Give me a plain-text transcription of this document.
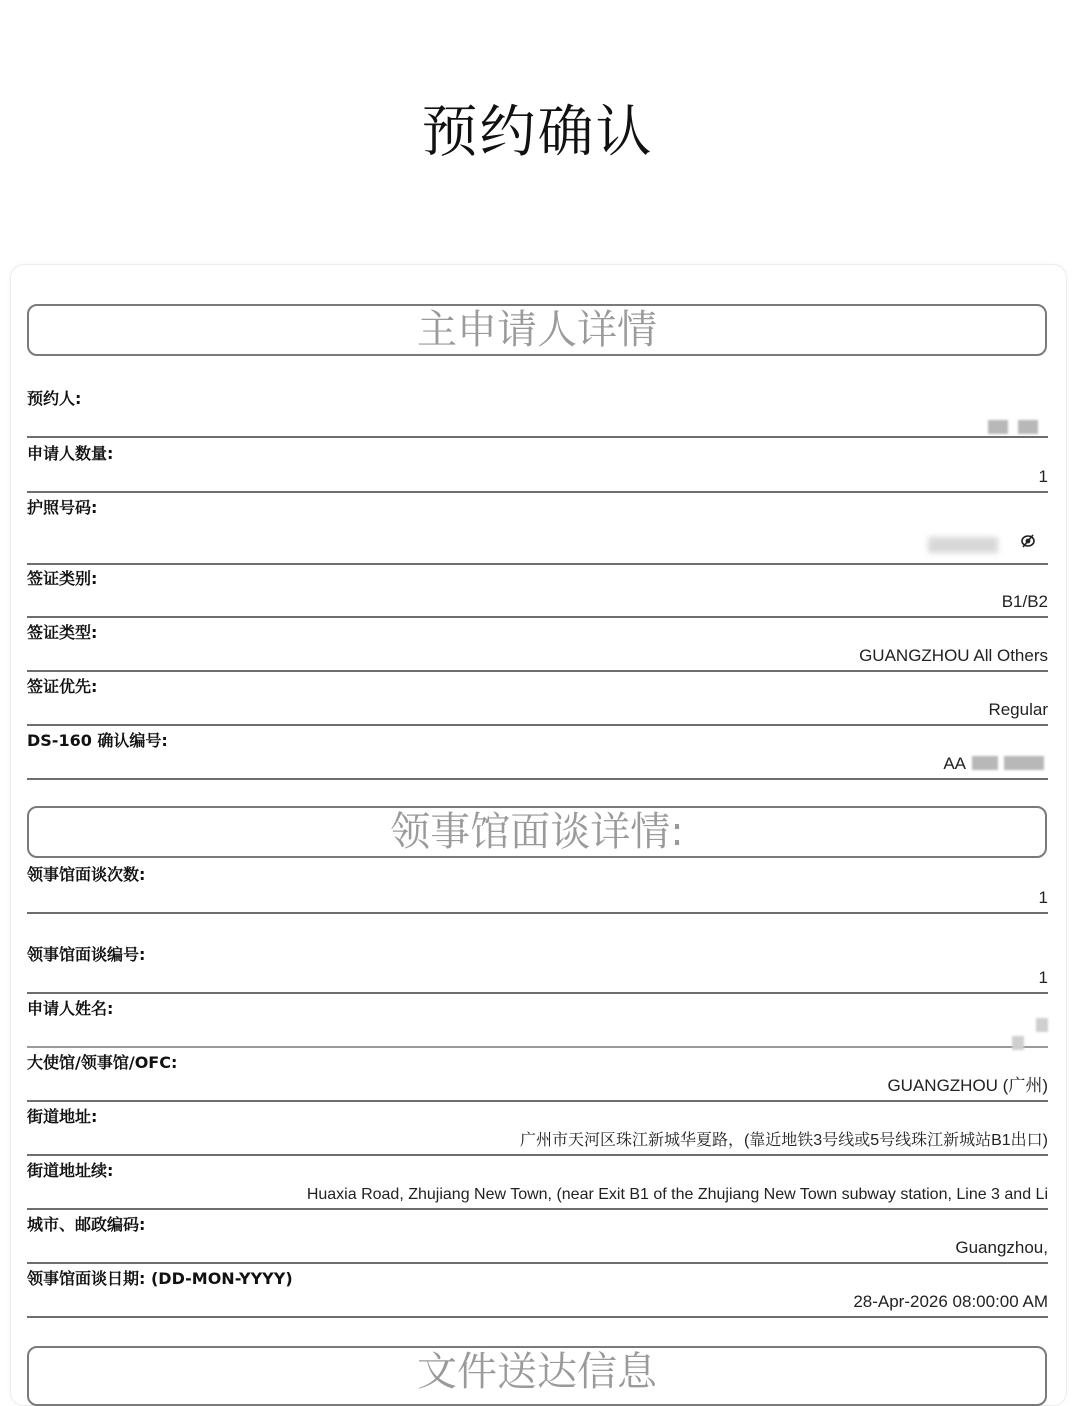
预约确认
主申请人详情
预约人:
申请人数量:
1
护照号码:
签证类别:
B1/B2
签证类型:
GUANGZHOU All Others
签证优先:
Regular
DS-160 确认编号:
AA
领事馆面谈详情:
领事馆面谈次数:
1
领事馆面谈编号:
1
申请人姓名:
大使馆/领事馆/OFC:
GUANGZHOU (广州)
街道地址:
广州市天河区珠江新城华夏路，(靠近地铁3号线或5号线珠江新城站B1出口)
街道地址续:
Huaxia Road, Zhujiang New Town, (near Exit B1 of the Zhujiang New Town subway station, Line 3 and Li
城市、邮政编码:
Guangzhou,
领事馆面谈日期: (DD-MON-YYYY)
28-Apr-2026 08:00:00 AM
文件送达信息
